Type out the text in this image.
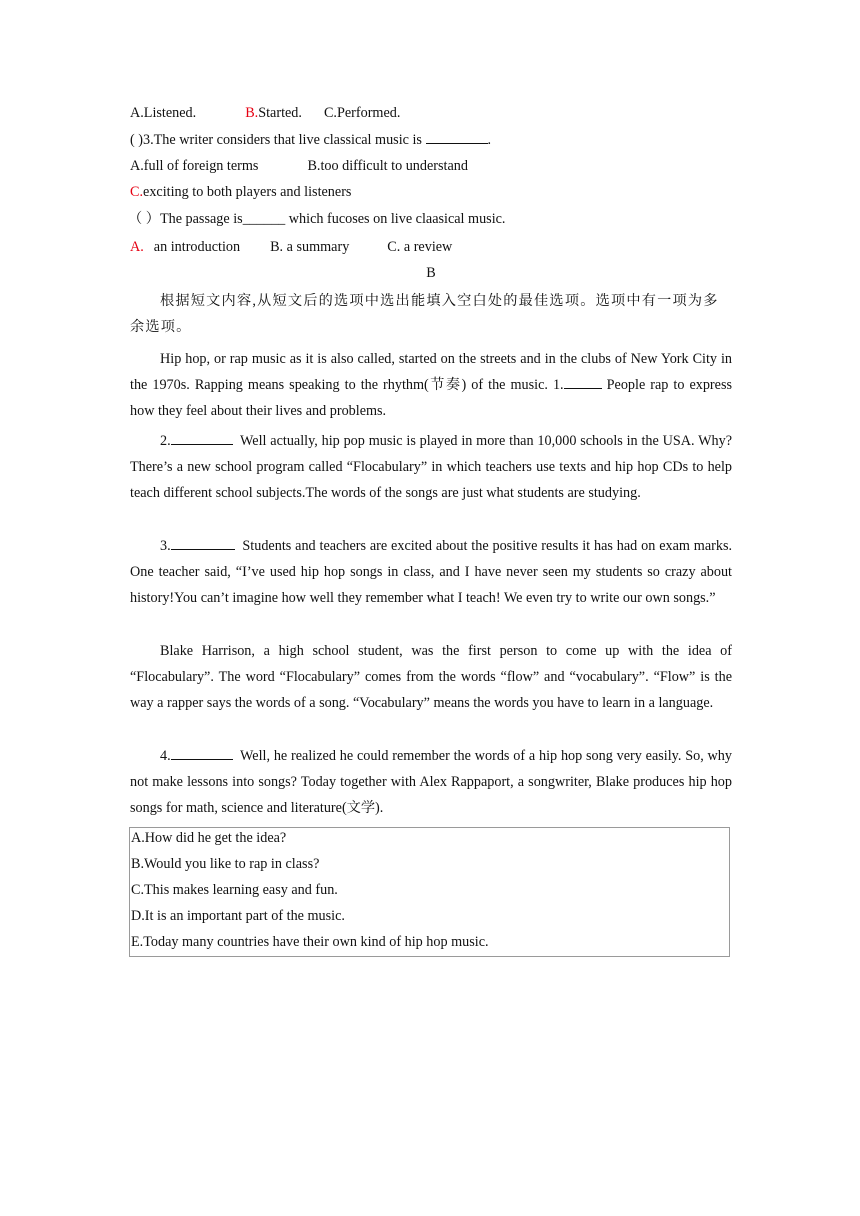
A.Listened.	B.Started. C.Performed.
( )3.The writer considers that live classical music is	.
A.full of foreign terms	B.too difficult to understand
C.exciting to both players and listeners
（ ）The passage is______ which fucoses on live claasical music.
A. an introduction B. a summary	C. a review
B
根据短文内容,从短文后的选项中选出能填入空白处的最佳选项。选项中有一项为多余选项。
Hip hop, or rap music as it is also called, started on the streets and in the clubs of New York City in the 1970s. Rapping means speaking to the rhythm(节奏) of the music. 1.	People rap to express how they feel about their lives and problems.
2.	Well actually, hip pop music is played in more than 10,000 schools in the USA. Why? There’s a new school program called “Flocabulary” in which teachers use texts and hip hop CDs to help teach different school subjects.The words of the songs are just what students are studying.
3.	Students and teachers are excited about the positive results it has had on exam marks. One teacher said, “I’ve used hip hop songs in class, and I have never seen my students so crazy about history!You can’t imagine how well they remember what I teach! We even try to write our own songs.”
Blake Harrison, a high school student, was the first person to come up with the idea of “Flocabulary”. The word “Flocabulary” comes from the words “flow” and “vocabulary”. “Flow” is the way a rapper says the words of a song. “Vocabulary” means the words you have to learn in a language.
4.	Well, he realized he could remember the words of a hip hop song very easily. So, why not make lessons into songs? Today together with Alex Rappaport, a songwriter, Blake produces hip hop songs for math, science and literature(文学).
A.How did he get the idea?
B.Would you like to rap in class?
C.This makes learning easy and fun.
D.It is an important part of the music.
E.Today many countries have their own kind of hip hop music.
